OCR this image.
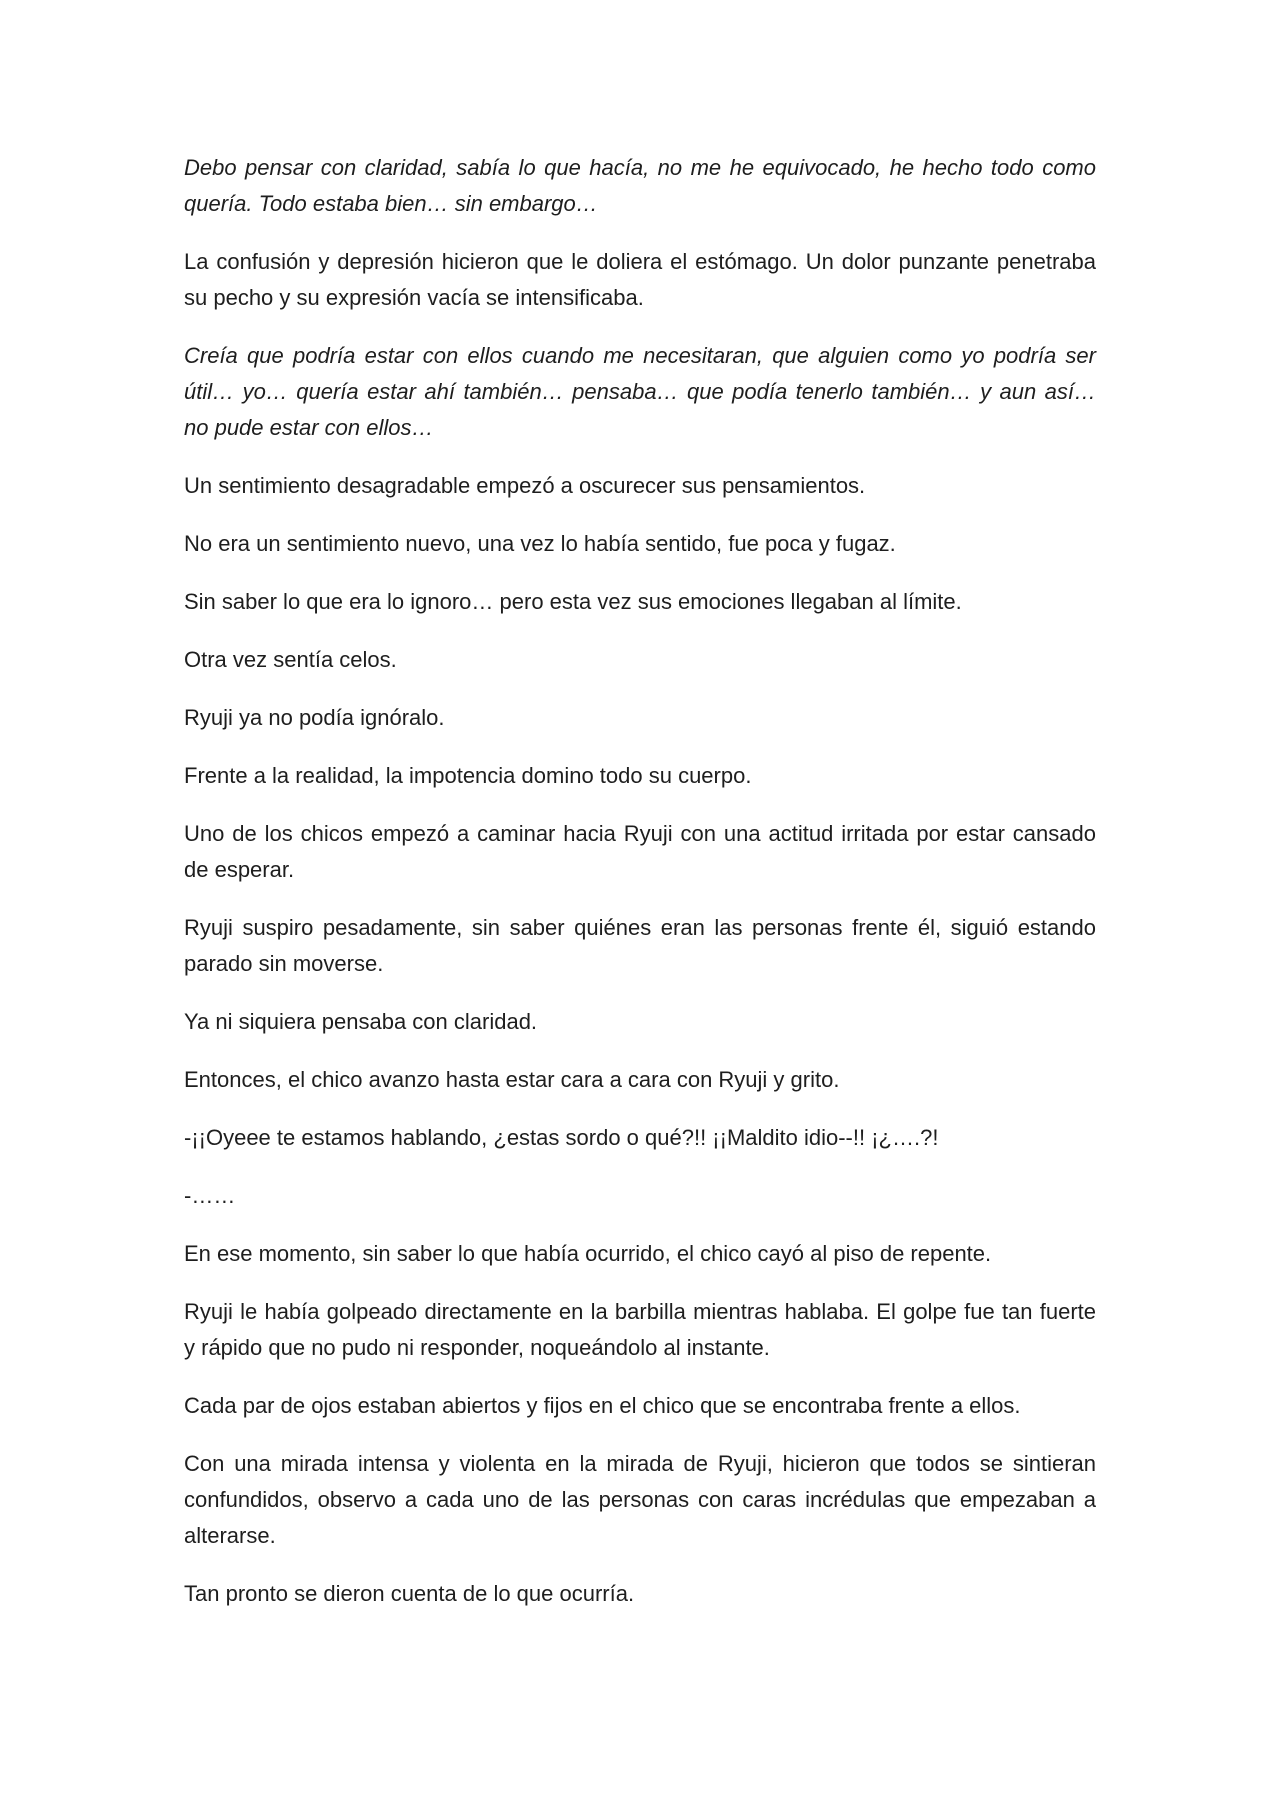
Debo pensar con claridad, sabía lo que hacía, no me he equivocado, he hecho todo como quería. Todo estaba bien… sin embargo…

La confusión y depresión hicieron que le doliera el estómago. Un dolor punzante penetraba su pecho y su expresión vacía se intensificaba.

Creía que podría estar con ellos cuando me necesitaran, que alguien como yo podría ser útil… yo… quería estar ahí también… pensaba… que podía tenerlo también… y aun así… no pude estar con ellos…

Un sentimiento desagradable empezó a oscurecer sus pensamientos.

No era un sentimiento nuevo, una vez lo había sentido, fue poca y fugaz.

Sin saber lo que era lo ignoro… pero esta vez sus emociones llegaban al límite.

Otra vez sentía celos.

Ryuji ya no podía ignóralo.

Frente a la realidad, la impotencia domino todo su cuerpo.

Uno de los chicos empezó a caminar hacia Ryuji con una actitud irritada por estar cansado de esperar.

Ryuji suspiro pesadamente, sin saber quiénes eran las personas frente él, siguió estando parado sin moverse.

Ya ni siquiera pensaba con claridad.

Entonces, el chico avanzo hasta estar cara a cara con Ryuji y grito.

-¡¡Oyeee te estamos hablando, ¿estas sordo o qué?!! ¡¡Maldito idio--!! ¡¿….?!

-……

En ese momento, sin saber lo que había ocurrido, el chico cayó al piso de repente.

Ryuji le había golpeado directamente en la barbilla mientras hablaba. El golpe fue tan fuerte y rápido que no pudo ni responder, noqueándolo al instante.

Cada par de ojos estaban abiertos y fijos en el chico que se encontraba frente a ellos.

Con una mirada intensa y violenta en la mirada de Ryuji, hicieron que todos se sintieran confundidos, observo a cada uno de las personas con caras incrédulas que empezaban a alterarse.

Tan pronto se dieron cuenta de lo que ocurría.
